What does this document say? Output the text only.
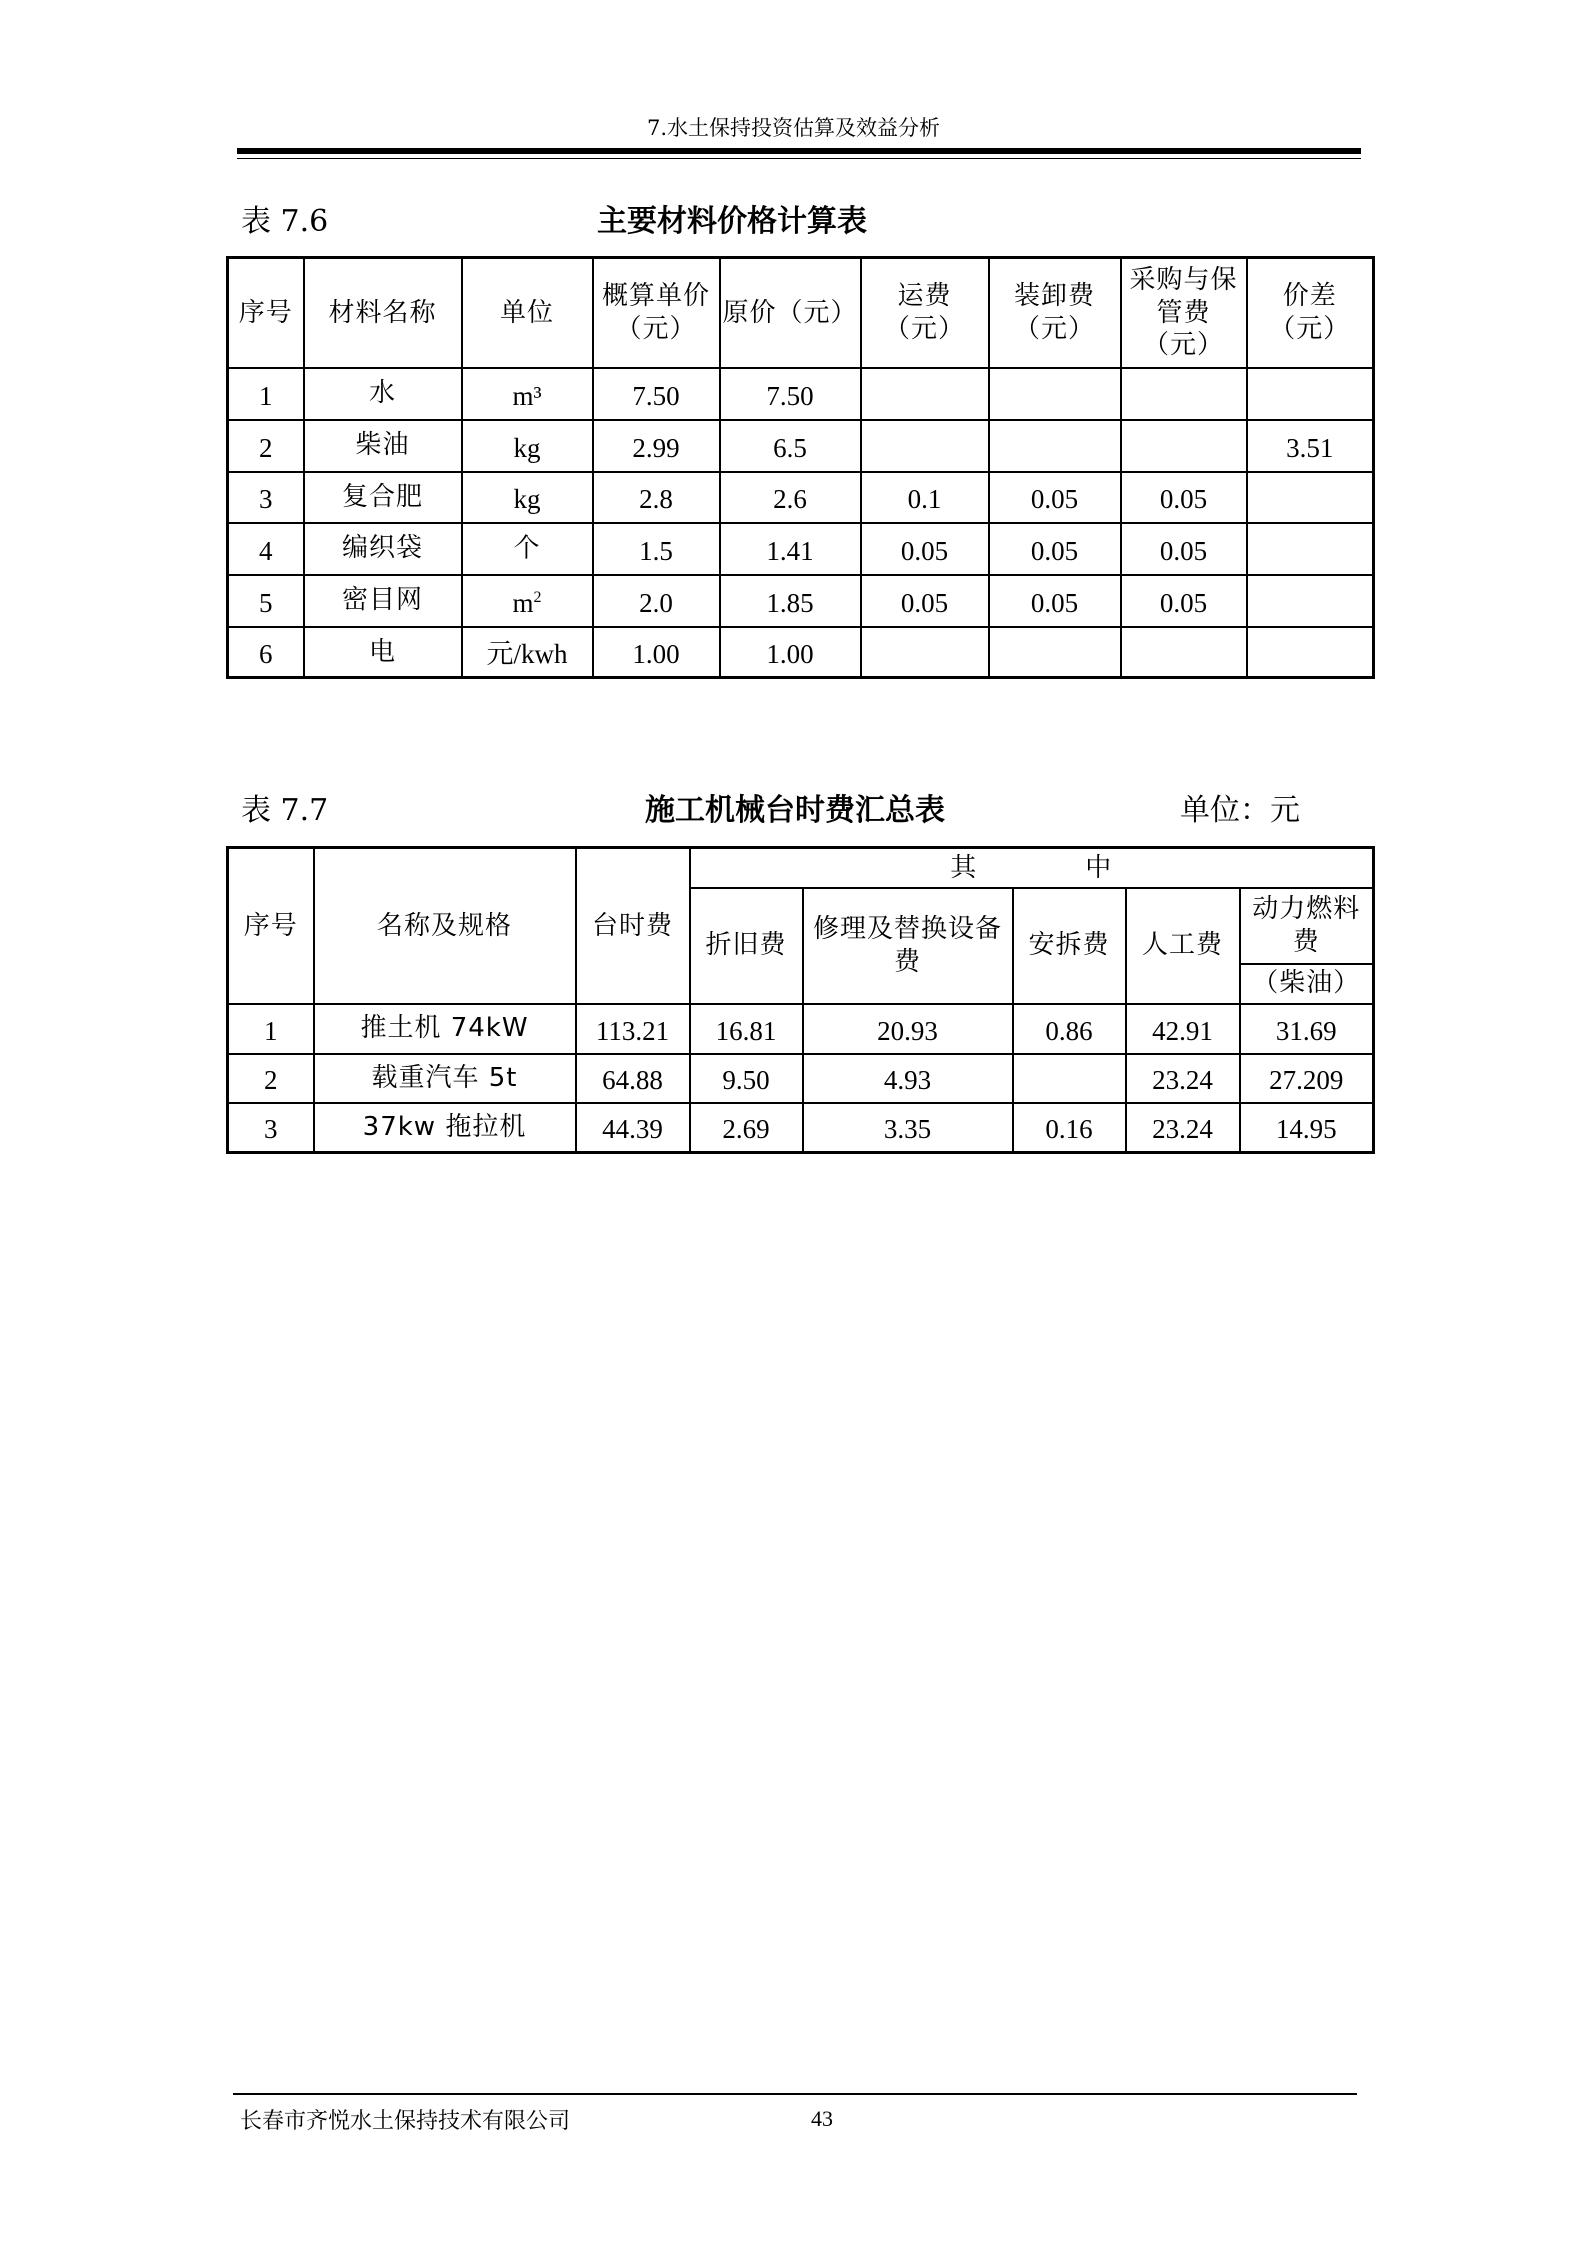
7.水土保持投资估算及效益分析
表 7.6	主要材料价格计算表
序号	材料名称	单位	概算单价（元）	原价（元）	运费（元）	装卸费（元）	采购与保管费（元）	价差（元）
1	水	m³	7.50	7.50				
2	柴油	kg	2.99	6.5				3.51
3	复合肥	kg	2.8	2.6	0.1	0.05	0.05	
4	编织袋	个	1.5	1.41	0.05	0.05	0.05	
5	密目网	$m^2$	2.0	1.85	0.05	0.05	0.05	
6	电	元/kwh	1.00	1.00				
表 7.7	施工机械台时费汇总表	单位：元
序号	名称及规格	台时费	其　　　　中				
			折旧费	修理及替换设备费	安拆费	人工费	动力燃料费
							（柴油）
1	推土机 74kW	113.21	16.81	20.93	0.86	42.91	31.69
2	载重汽车 5t	64.88	9.50	4.93		23.24	27.209
3	37kw 拖拉机	44.39	2.69	3.35	0.16	23.24	14.95
长春市齐悦水土保持技术有限公司	43
